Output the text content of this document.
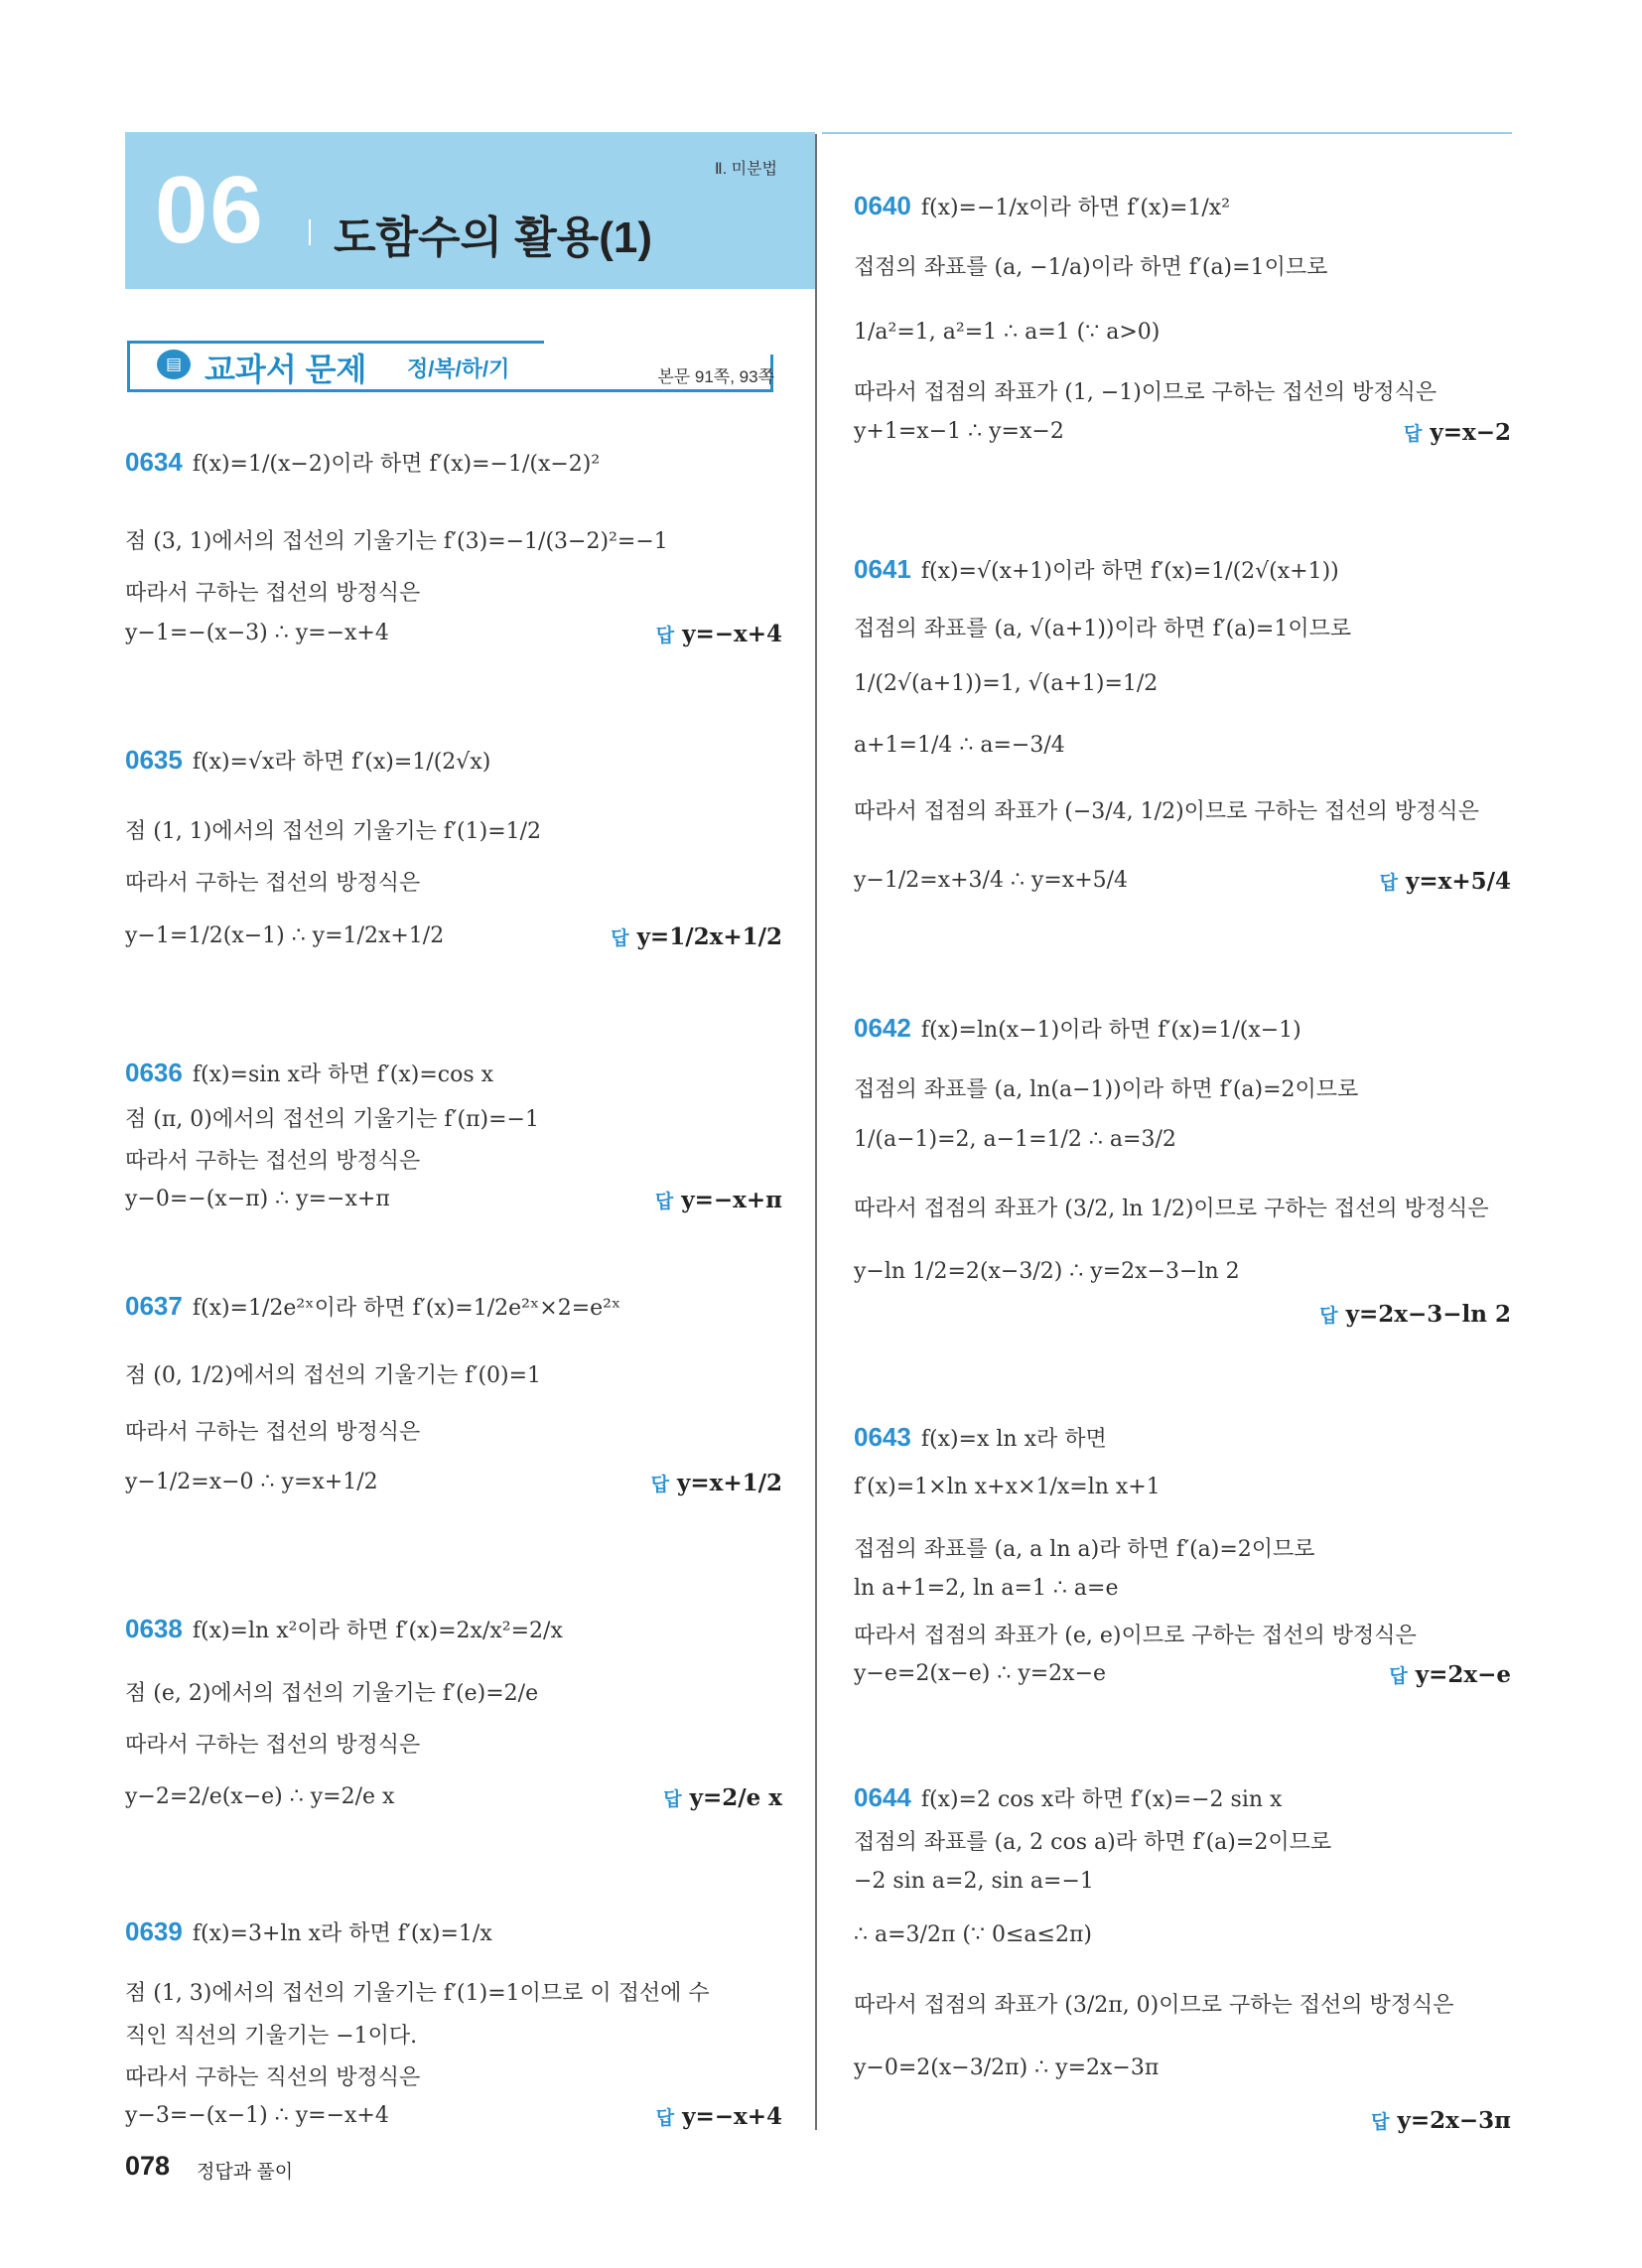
Ⅱ. 미분법
06 도함수의 활용(1)
▤ 교과서 문제 정/복/하/기	본문 91쪽, 93쪽
0634 f(x)=1/(x−2)이라 하면 f′(x)=−1/(x−2)²
점 (3, 1)에서의 접선의 기울기는 f′(3)=−1/(3−2)²=−1
따라서 구하는 접선의 방정식은
y−1=−(x−3) ∴ y=−x+4	답 y=−x+4
0635 f(x)=√x라 하면 f′(x)=1/(2√x)
점 (1, 1)에서의 접선의 기울기는 f′(1)=1/2
따라서 구하는 접선의 방정식은
y−1=1/2(x−1) ∴ y=1/2x+1/2	답 y=1/2x+1/2
0636 f(x)=sin x라 하면 f′(x)=cos x
점 (π, 0)에서의 접선의 기울기는 f′(π)=−1
따라서 구하는 접선의 방정식은
y−0=−(x−π) ∴ y=−x+π	답 y=−x+π
0637 f(x)=1/2e²ˣ이라 하면 f′(x)=1/2e²ˣ×2=e²ˣ
점 (0, 1/2)에서의 접선의 기울기는 f′(0)=1
따라서 구하는 접선의 방정식은
y−1/2=x−0 ∴ y=x+1/2	답 y=x+1/2
0638 f(x)=ln x²이라 하면 f′(x)=2x/x²=2/x
점 (e, 2)에서의 접선의 기울기는 f′(e)=2/e
따라서 구하는 접선의 방정식은
y−2=2/e(x−e) ∴ y=2/e x	답 y=2/e x
0639 f(x)=3+ln x라 하면 f′(x)=1/x
점 (1, 3)에서의 접선의 기울기는 f′(1)=1이므로 이 접선에 수
직인 직선의 기울기는 −1이다.
따라서 구하는 직선의 방정식은
y−3=−(x−1) ∴ y=−x+4	답 y=−x+4
0640 f(x)=−1/x이라 하면 f′(x)=1/x²
접점의 좌표를 (a, −1/a)이라 하면 f′(a)=1이므로
1/a²=1, a²=1 ∴ a=1 (∵ a>0)
따라서 접점의 좌표가 (1, −1)이므로 구하는 접선의 방정식은
y+1=x−1 ∴ y=x−2	답 y=x−2
0641 f(x)=√(x+1)이라 하면 f′(x)=1/(2√(x+1))
접점의 좌표를 (a, √(a+1))이라 하면 f′(a)=1이므로
1/(2√(a+1))=1, √(a+1)=1/2
a+1=1/4 ∴ a=−3/4
따라서 접점의 좌표가 (−3/4, 1/2)이므로 구하는 접선의 방정식은
y−1/2=x+3/4 ∴ y=x+5/4	답 y=x+5/4
0642 f(x)=ln(x−1)이라 하면 f′(x)=1/(x−1)
접점의 좌표를 (a, ln(a−1))이라 하면 f′(a)=2이므로
1/(a−1)=2, a−1=1/2 ∴ a=3/2
따라서 접점의 좌표가 (3/2, ln 1/2)이므로 구하는 접선의 방정식은
y−ln 1/2=2(x−3/2) ∴ y=2x−3−ln 2
답 y=2x−3−ln 2
0643 f(x)=x ln x라 하면
f′(x)=1×ln x+x×1/x=ln x+1
접점의 좌표를 (a, a ln a)라 하면 f′(a)=2이므로
ln a+1=2, ln a=1 ∴ a=e
따라서 접점의 좌표가 (e, e)이므로 구하는 접선의 방정식은
y−e=2(x−e) ∴ y=2x−e	답 y=2x−e
0644 f(x)=2 cos x라 하면 f′(x)=−2 sin x
접점의 좌표를 (a, 2 cos a)라 하면 f′(a)=2이므로
−2 sin a=2, sin a=−1
∴ a=3/2π (∵ 0≤a≤2π)
따라서 접점의 좌표가 (3/2π, 0)이므로 구하는 접선의 방정식은
y−0=2(x−3/2π) ∴ y=2x−3π
답 y=2x−3π
078 정답과 풀이
